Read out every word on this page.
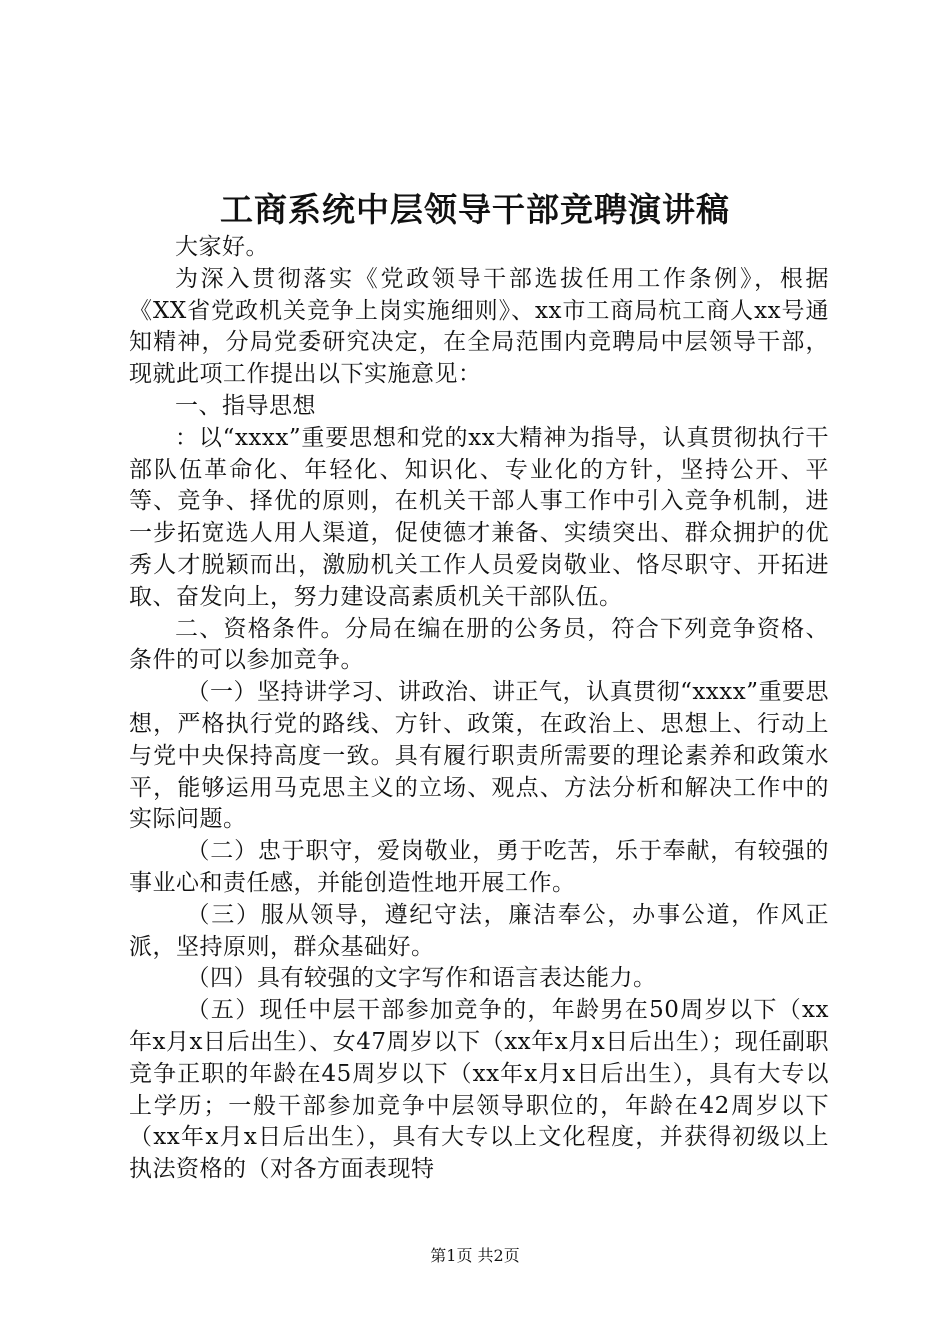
工商系统中层领导干部竞聘演讲稿

大家好。

为深入贯彻落实《党政领导干部选拔任用工作条例》，根据《XX省党政机关竞争上岗实施细则》、xx市工商局杭工商人xx号通知精神，分局党委研究决定，在全局范围内竞聘局中层领导干部，现就此项工作提出以下实施意见：

一、指导思想

：以“xxxx”重要思想和党的xx大精神为指导，认真贯彻执行干部队伍革命化、年轻化、知识化、专业化的方针，坚持公开、平等、竞争、择优的原则，在机关干部人事工作中引入竞争机制，进一步拓宽选人用人渠道，促使德才兼备、实绩突出、群众拥护的优秀人才脱颖而出，激励机关工作人员爱岗敬业、恪尽职守、开拓进取、奋发向上，努力建设高素质机关干部队伍。

二、资格条件。分局在编在册的公务员，符合下列竞争资格、条件的可以参加竞争。

（一）坚持讲学习、讲政治、讲正气，认真贯彻“xxxx”重要思想，严格执行党的路线、方针、政策，在政治上、思想上、行动上与党中央保持高度一致。具有履行职责所需要的理论素养和政策水平，能够运用马克思主义的立场、观点、方法分析和解决工作中的实际问题。

（二）忠于职守，爱岗敬业，勇于吃苦，乐于奉献，有较强的事业心和责任感，并能创造性地开展工作。

（三）服从领导，遵纪守法，廉洁奉公，办事公道，作风正派，坚持原则，群众基础好。

（四）具有较强的文字写作和语言表达能力。

（五）现任中层干部参加竞争的，年龄男在50周岁以下（xx年x月x日后出生）、女47周岁以下（xx年x月x日后出生）；现任副职竞争正职的年龄在45周岁以下（xx年x月x日后出生），具有大专以上学历；一般干部参加竞争中层领导职位的，年龄在42周岁以下（xx年x月x日后出生），具有大专以上文化程度，并获得初级以上执法资格的（对各方面表现特

第1页 共2页
